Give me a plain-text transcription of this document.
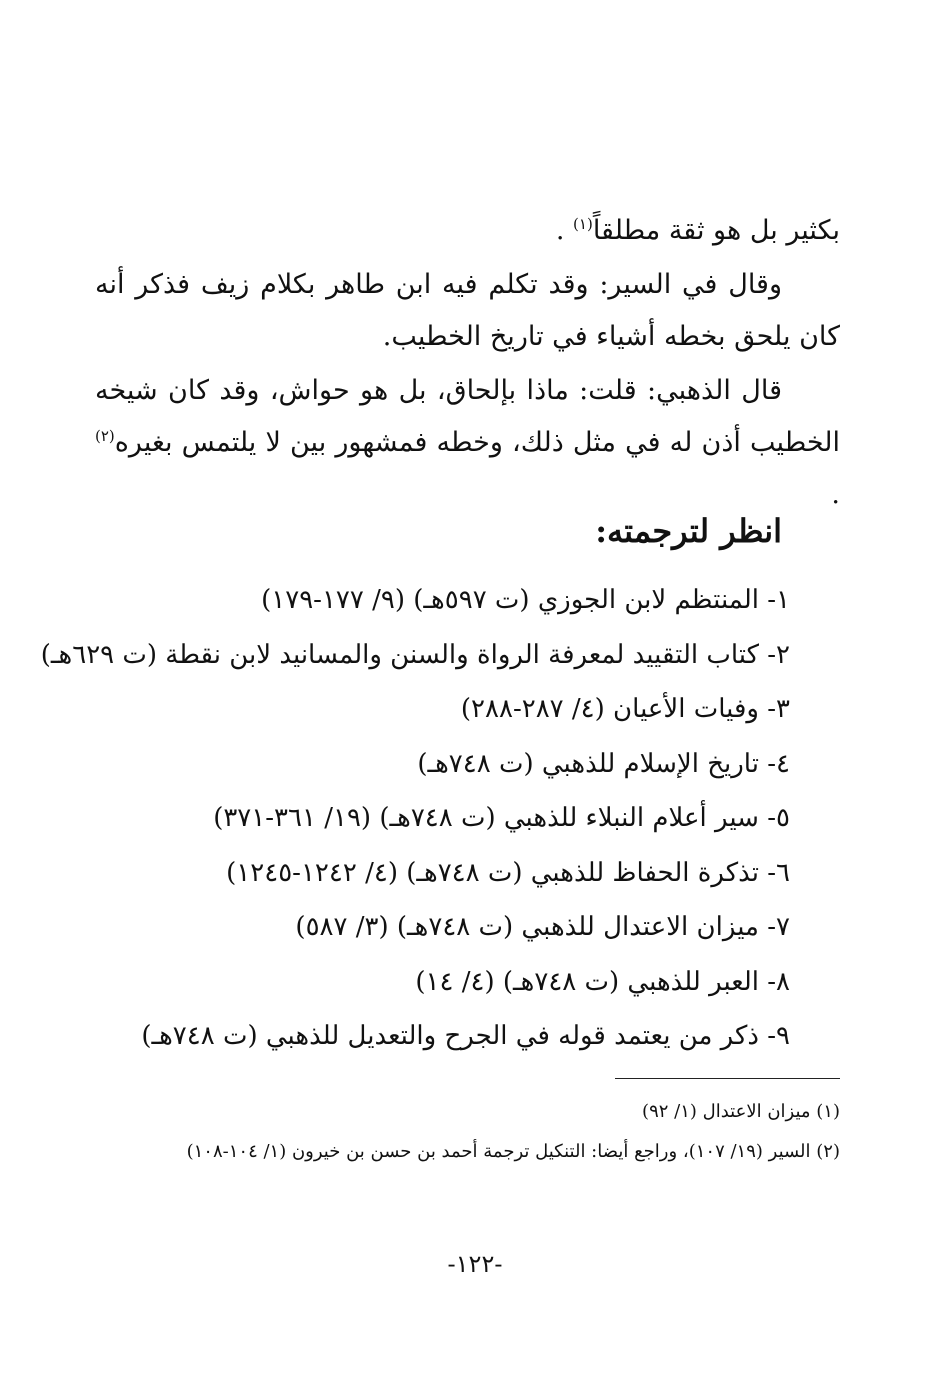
بكثير بل هو ثقة مطلقاً$^{(١)}$ .

وقال في السير: وقد تكلم فيه ابن طاهر بكلام زيف فذكر أنه كان يلحق بخطه أشياء في تاريخ الخطيب.

قال الذهبي: قلت: ماذا بإلحاق، بل هو حواش، وقد كان شيخه الخطيب أذن له في مثل ذلك، وخطه فمشهور بين لا يلتمس بغيره$^{(٢)}$ .

انظر لترجمته:
١- المنتظم لابن الجوزي (ت ٥٩٧هـ) (٩/ ١٧٧-١٧٩)
٢- كتاب التقييد لمعرفة الرواة والسنن والمسانيد لابن نقطة (ت ٦٢٩هـ)
٣- وفيات الأعيان (٤/ ٢٨٧-٢٨٨)
٤- تاريخ الإسلام للذهبي (ت ٧٤٨هـ)
٥- سير أعلام النبلاء للذهبي (ت ٧٤٨هـ) (١٩/ ٣٦١-٣٧١)
٦- تذكرة الحفاظ للذهبي (ت ٧٤٨هـ) (٤/ ١٢٤٢-١٢٤٥)
٧- ميزان الاعتدال للذهبي (ت ٧٤٨هـ) (٣/ ٥٨٧)
٨- العبر للذهبي (ت ٧٤٨هـ) (٤/ ١٤)
٩- ذكر من يعتمد قوله في الجرح والتعديل للذهبي (ت ٧٤٨هـ)

(١) ميزان الاعتدال (١/ ٩٢)

(٢) السير (١٩/ ١٠٧)، وراجع أيضا: التنكيل ترجمة أحمد بن حسن بن خيرون (١/ ١٠٤-١٠٨)

-١٢٢-
